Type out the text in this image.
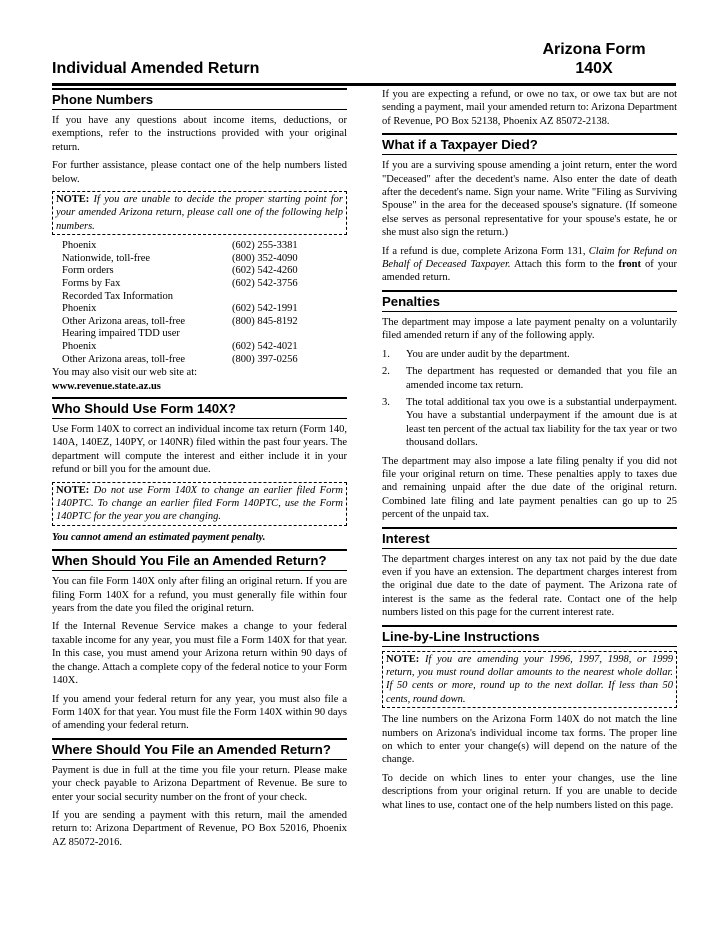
Arizona Form
140X
Individual Amended Return
Phone Numbers

If you have any questions about income items, deductions, or exemptions, refer to the instructions provided with your original return.

For further assistance, please contact one of the help numbers listed below.

NOTE: If you are unable to decide the proper starting point for your amended Arizona return, please call one of the following help numbers.
Phoenix	(602) 255-3381
Nationwide, toll-free	(800) 352-4090
Form orders	(602) 542-4260
Forms by Fax	(602) 542-3756
Recorded Tax Information	
Phoenix	(602) 542-1991
Other Arizona areas, toll-free	(800) 845-8192
Hearing impaired TDD user	
Phoenix	(602) 542-4021
Other Arizona areas, toll-free	(800) 397-0256
You may also visit our web site at:
www.revenue.state.az.us
Who Should Use Form 140X?

Use Form 140X to correct an individual income tax return (Form 140, 140A, 140EZ, 140PY, or 140NR) filed within the past four years. The department will compute the interest and either include it in your refund or bill you for the amount due.

NOTE: Do not use Form 140X to change an earlier filed Form 140PTC. To change an earlier filed Form 140PTC, use the Form 140PTC for the year you are changing.
You cannot amend an estimated payment penalty.
When Should You File an Amended Return?

You can file Form 140X only after filing an original return. If you are filing Form 140X for a refund, you must generally file within four years from the date you filed the original return.

If the Internal Revenue Service makes a change to your federal taxable income for any year, you must file a Form 140X for that year. In this case, you must amend your Arizona return within 90 days of the change. Attach a complete copy of the federal notice to your Form 140X.

If you amend your federal return for any year, you must also file a Form 140X for that year. You must file the Form 140X within 90 days of amending your federal return.

Where Should You File an Amended Return?

Payment is due in full at the time you file your return. Please make your check payable to Arizona Department of Revenue. Be sure to enter your social security number on the front of your check.

If you are sending a payment with this return, mail the amended return to: Arizona Department of Revenue, PO Box 52016, Phoenix AZ 85072-2016.

If you are expecting a refund, or owe no tax, or owe tax but are not sending a payment, mail your amended return to: Arizona Department of Revenue, PO Box 52138, Phoenix AZ 85072-2138.

What if a Taxpayer Died?

If you are a surviving spouse amending a joint return, enter the word "Deceased" after the decedent's name. Also enter the date of death after the decedent's name. Sign your name. Write "Filing as Surviving Spouse" in the area for the deceased spouse's signature. (If someone else serves as personal representative for your spouse's estate, he or she must also sign the return.)

If a refund is due, complete Arizona Form 131, Claim for Refund on Behalf of Deceased Taxpayer. Attach this form to the front of your amended return.

Penalties

The department may impose a late payment penalty on a voluntarily filed amended return if any of the following apply.

1. You are under audit by the department.
2. The department has requested or demanded that you file an amended income tax return.
3. The total additional tax you owe is a substantial underpayment. You have a substantial underpayment if the amount due is at least ten percent of the actual tax liability for the tax year or two thousand dollars.

The department may also impose a late filing penalty if you did not file your original return on time. These penalties apply to taxes due and remaining unpaid after the due date of the original return. Combined late filing and late payment penalties can go up to 25 percent of the unpaid tax.

Interest

The department charges interest on any tax not paid by the due date even if you have an extension. The department charges interest from the original due date to the date of payment. The Arizona rate of interest is the same as the federal rate. Contact one of the help numbers listed on this page for the current interest rate.

Line-by-Line Instructions
NOTE: If you are amending your 1996, 1997, 1998, or 1999 return, you must round dollar amounts to the nearest whole dollar. If 50 cents or more, round up to the next dollar. If less than 50 cents, round down.

The line numbers on the Arizona Form 140X do not match the line numbers on Arizona's individual income tax forms. The proper line on which to enter your change(s) will depend on the nature of the change.

To decide on which lines to enter your changes, use the line descriptions from your original return. If you are unable to decide what lines to use, contact one of the help numbers listed on this page.
